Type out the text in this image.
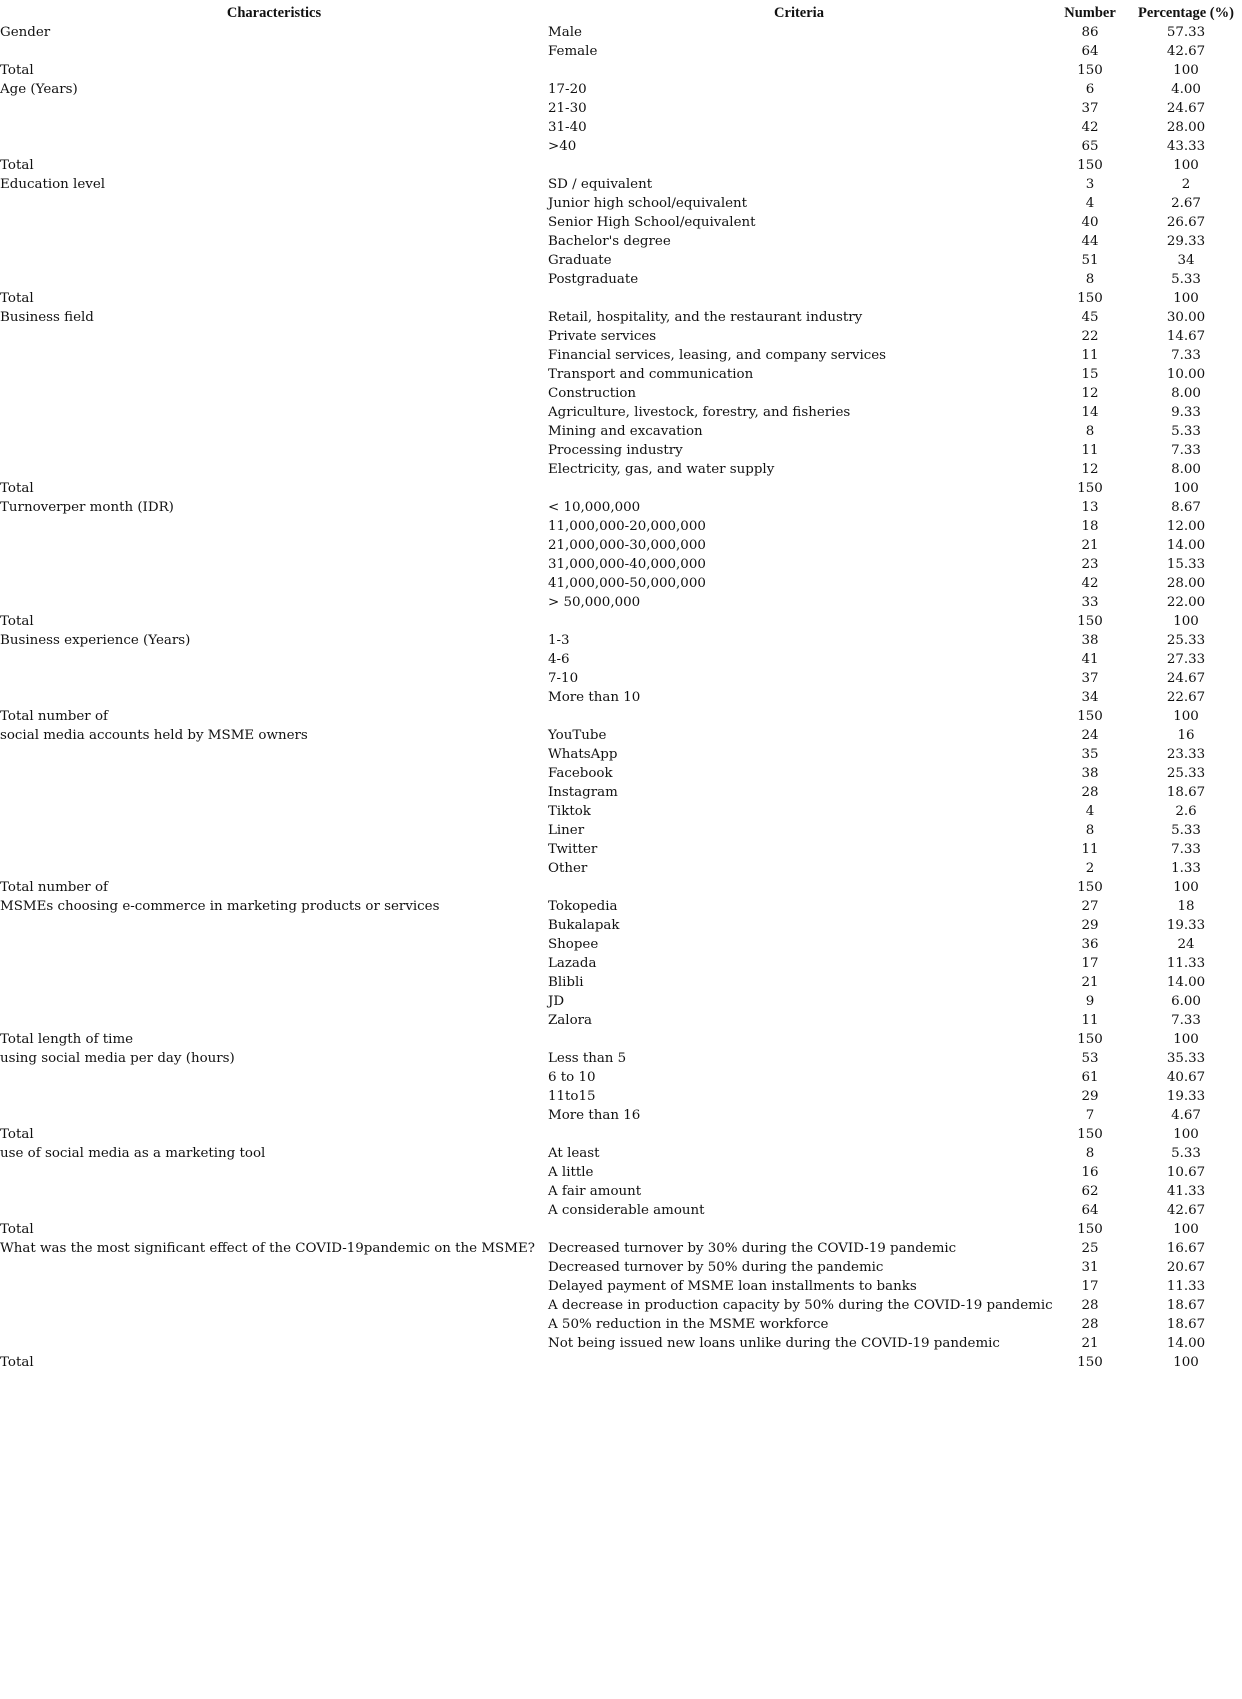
Characteristics	Criteria	Number	Percentage (%)
Gender	Male	86	57.33
	Female	64	42.67
Total		150	100
Age (Years)	17-20	6	4.00
	21-30	37	24.67
	31-40	42	28.00
	>40	65	43.33
Total		150	100
Education level	SD / equivalent	3	2
	Junior high school/equivalent	4	2.67
	Senior High School/equivalent	40	26.67
	Bachelor's degree	44	29.33
	Graduate	51	34
	Postgraduate	8	5.33
Total		150	100
Business field	Retail, hospitality, and the restaurant industry	45	30.00
	Private services	22	14.67
	Financial services, leasing, and company services	11	7.33
	Transport and communication	15	10.00
	Construction	12	8.00
	Agriculture, livestock, forestry, and fisheries	14	9.33
	Mining and excavation	8	5.33
	Processing industry	11	7.33
	Electricity, gas, and water supply	12	8.00
Total		150	100
Turnoverper month (IDR)	< 10,000,000	13	8.67
	11,000,000-20,000,000	18	12.00
	21,000,000-30,000,000	21	14.00
	31,000,000-40,000,000	23	15.33
	41,000,000-50,000,000	42	28.00
	> 50,000,000	33	22.00
Total		150	100
Business experience (Years)	1-3	38	25.33
	4-6	41	27.33
	7-10	37	24.67
	More than 10	34	22.67
Total number of		150	100
social media accounts held by MSME owners	YouTube	24	16
	WhatsApp	35	23.33
	Facebook	38	25.33
	Instagram	28	18.67
	Tiktok	4	2.6
	Liner	8	5.33
	Twitter	11	7.33
	Other	2	1.33
Total number of		150	100
MSMEs choosing e-commerce in marketing products or services	Tokopedia	27	18
	Bukalapak	29	19.33
	Shopee	36	24
	Lazada	17	11.33
	Blibli	21	14.00
	JD	9	6.00
	Zalora	11	7.33
Total length of time		150	100
using social media per day (hours)	Less than 5	53	35.33
	6 to 10	61	40.67
	11to15	29	19.33
	More than 16	7	4.67
Total		150	100
use of social media as a marketing tool	At least	8	5.33
	A little	16	10.67
	A fair amount	62	41.33
	A considerable amount	64	42.67
Total		150	100
What was the most significant effect of the COVID-19pandemic on the MSME?	Decreased turnover by 30% during the COVID-19 pandemic	25	16.67
	Decreased turnover by 50% during the pandemic	31	20.67
	Delayed payment of MSME loan installments to banks	17	11.33
	A decrease in production capacity by 50% during the COVID-19 pandemic	28	18.67
	A 50% reduction in the MSME workforce	28	18.67
	Not being issued new loans unlike during the COVID-19 pandemic	21	14.00
Total		150	100
